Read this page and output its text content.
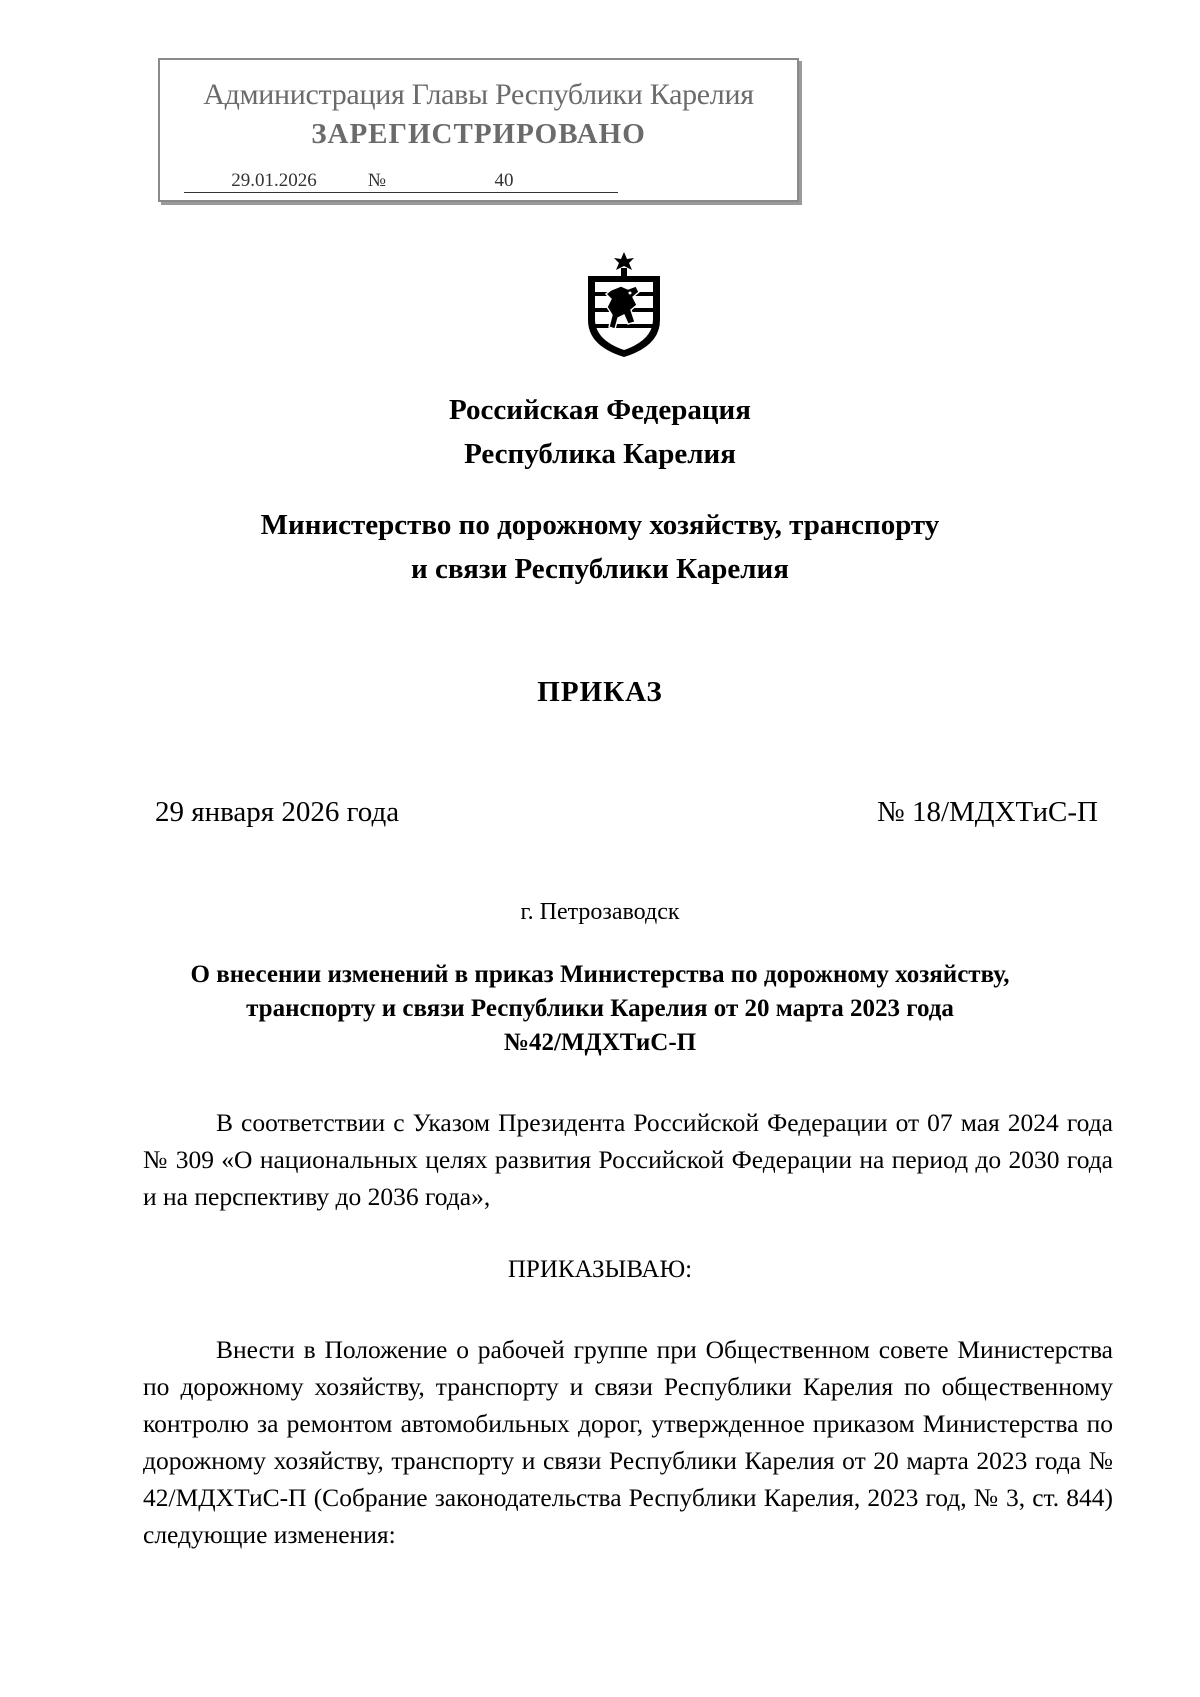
Администрация Главы Республики Карелия
ЗАРЕГИСТРИРОВАНО
29.01.2026	№	40
Российская Федерация
Республика Карелия
Министерство по дорожному хозяйству, транспорту
и связи Республики Карелия
ПРИКАЗ
29 января 2026 года	№ 18/МДХТиС-П
г. Петрозаводск
О внесении изменений в приказ Министерства по дорожному хозяйству,
транспорту и связи Республики Карелия от 20 марта 2023 года
№42/МДХТиС-П
В соответствии с Указом Президента Российской Федерации от 07 мая 2024 года № 309 «О национальных целях развития Российской Федерации на период до 2030 года и на перспективу до 2036 года»,
ПРИКАЗЫВАЮ:
Внести в Положение о рабочей группе при Общественном совете Министерства по дорожному хозяйству, транспорту и связи Республики Карелия по общественному контролю за ремонтом автомобильных дорог, утвержденное приказом Министерства по дорожному хозяйству, транспорту и связи Республики Карелия от 20 марта 2023 года № 42/МДХТиС-П (Собрание законодательства Республики Карелия, 2023 год, № 3, ст. 844) следующие изменения:
